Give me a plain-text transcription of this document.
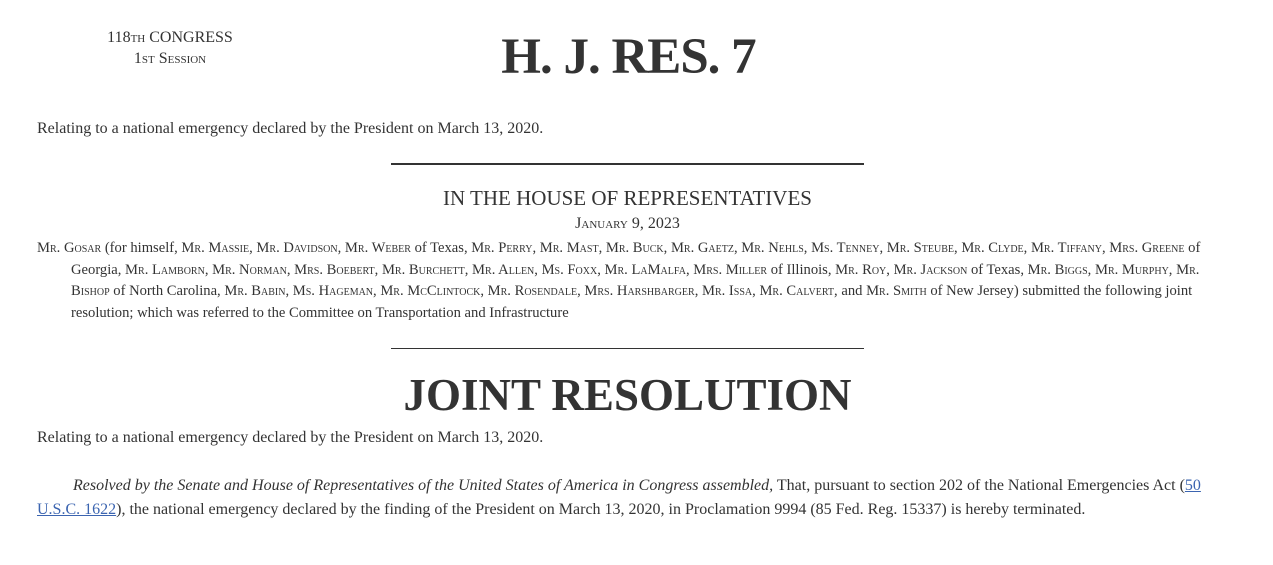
118th CONGRESS
1st Session	H. J. RES. 7
Relating to a national emergency declared by the President on March 13, 2020.
IN THE HOUSE OF REPRESENTATIVES
January 9, 2023
Mr. Gosar (for himself, Mr. Massie, Mr. Davidson, Mr. Weber of Texas, Mr. Perry, Mr. Mast, Mr. Buck, Mr. Gaetz, Mr. Nehls, Ms. Tenney, Mr. Steube, Mr. Clyde, Mr. Tiffany, Mrs. Greene of Georgia, Mr. Lamborn, Mr. Norman, Mrs. Boebert, Mr. Burchett, Mr. Allen, Ms. Foxx, Mr. LaMalfa, Mrs. Miller of Illinois, Mr. Roy, Mr. Jackson of Texas, Mr. Biggs, Mr. Murphy, Mr. Bishop of North Carolina, Mr. Babin, Ms. Hageman, Mr. McClintock, Mr. Rosendale, Mrs. Harshbarger, Mr. Issa, Mr. Calvert, and Mr. Smith of New Jersey) submitted the following joint resolution; which was referred to the Committee on Transportation and Infrastructure
JOINT RESOLUTION
Relating to a national emergency declared by the President on March 13, 2020.
Resolved by the Senate and House of Representatives of the United States of America in Congress assembled, That, pursuant to section 202 of the National Emergencies Act (50 U.S.C. 1622), the national emergency declared by the finding of the President on March 13, 2020, in Proclamation 9994 (85 Fed. Reg. 15337) is hereby terminated.
